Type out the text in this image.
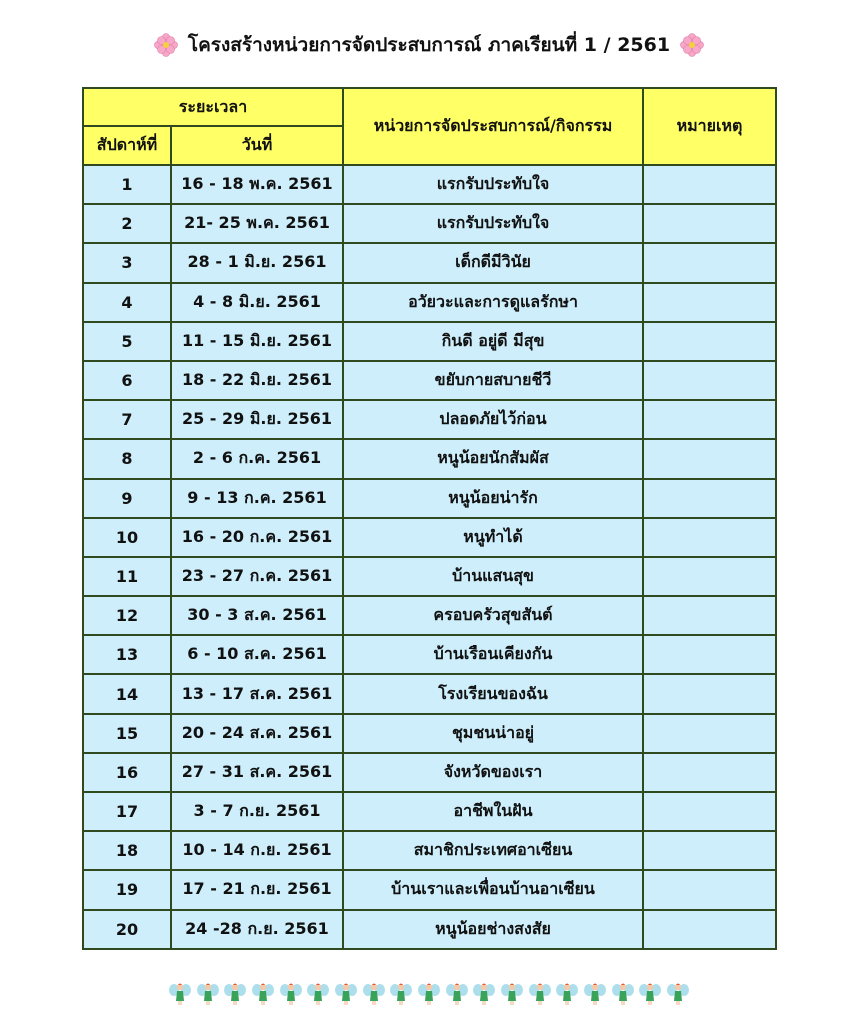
โครงสร้างหน่วยการจัดประสบการณ์ ภาคเรียนที่ 1 / 2561
ระยะเวลา		หน่วยการจัดประสบการณ์/กิจกรรม	หมายเหตุ
สัปดาห์ที่	วันที่		
1	16 - 18 พ.ค. 2561	แรกรับประทับใจ	
2	21- 25 พ.ค. 2561	แรกรับประทับใจ	
3	28 - 1 มิ.ย. 2561	เด็กดีมีวินัย	
4	4 - 8 มิ.ย. 2561	อวัยวะและการดูแลรักษา	
5	11 - 15 มิ.ย. 2561	กินดี อยู่ดี มีสุข	
6	18 - 22 มิ.ย. 2561	ขยับกายสบายชีวี	
7	25 - 29 มิ.ย. 2561	ปลอดภัยไว้ก่อน	
8	2 - 6 ก.ค. 2561	หนูน้อยนักสัมผัส	
9	9 - 13 ก.ค. 2561	หนูน้อยน่ารัก	
10	16 - 20 ก.ค. 2561	หนูทำได้	
11	23 - 27 ก.ค. 2561	บ้านแสนสุข	
12	30 - 3 ส.ค. 2561	ครอบครัวสุขสันต์	
13	6 - 10 ส.ค. 2561	บ้านเรือนเคียงกัน	
14	13 - 17 ส.ค. 2561	โรงเรียนของฉัน	
15	20 - 24 ส.ค. 2561	ชุมชนน่าอยู่	
16	27 - 31 ส.ค. 2561	จังหวัดของเรา	
17	3 - 7 ก.ย. 2561	อาชีพในฝัน	
18	10 - 14 ก.ย. 2561	สมาชิกประเทศอาเซียน	
19	17 - 21 ก.ย. 2561	บ้านเราและเพื่อนบ้านอาเซียน	
20	24 -28 ก.ย. 2561	หนูน้อยช่างสงสัย	
